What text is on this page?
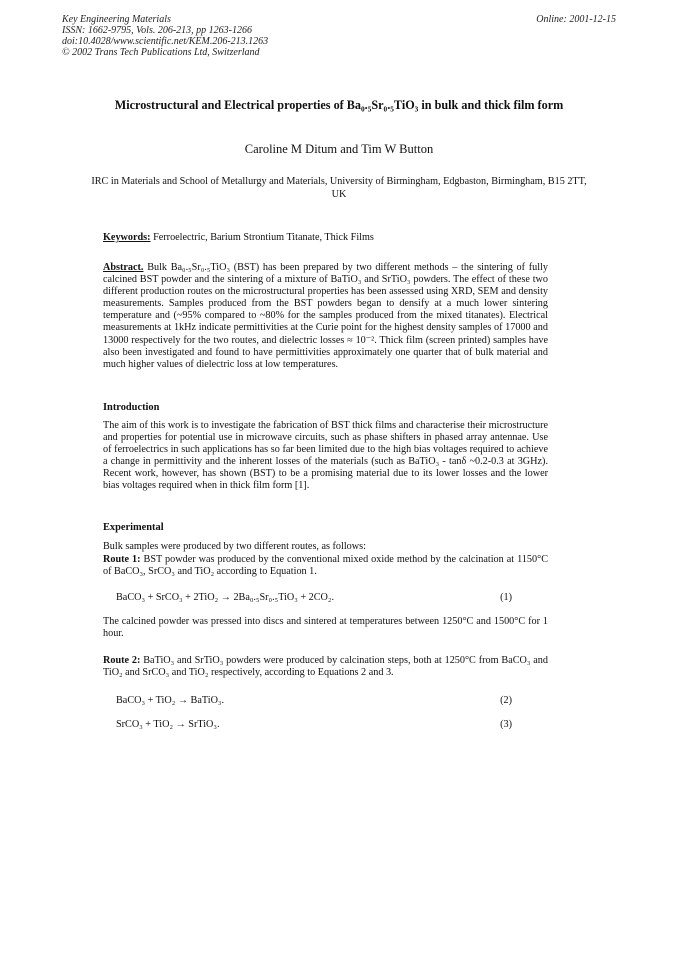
Key Engineering Materials
ISSN: 1662-9795, Vols. 206-213, pp 1263-1266
doi:10.4028/www.scientific.net/KEM.206-213.1263
© 2002 Trans Tech Publications Ltd, Switzerland
Online: 2001-12-15
Microstructural and Electrical properties of Ba₀.₅Sr₀.₅TiO₃ in bulk and thick film form
Caroline M Ditum and Tim W Button
IRC in Materials and School of Metallurgy and Materials, University of Birmingham, Edgbaston, Birmingham, B15 2TT, UK
Keywords: Ferroelectric, Barium Strontium Titanate, Thick Films
Abstract. Bulk Ba₀.₅Sr₀.₅TiO₃ (BST) has been prepared by two different methods – the sintering of fully calcined BST powder and the sintering of a mixture of BaTiO₃ and SrTiO₃ powders. The effect of these two different production routes on the microstructural properties has been assessed using XRD, SEM and density measurements. Samples produced from the BST powders began to densify at a much lower sintering temperature and (~95% compared to ~80% for the samples produced from the mixed titanates). Electrical measurements at 1kHz indicate permittivities at the Curie point for the highest density samples of 17000 and 13000 respectively for the two routes, and dielectric losses ≈ 10⁻². Thick film (screen printed) samples have also been investigated and found to have permittivities approximately one quarter that of bulk material and much higher values of dielectric loss at low temperatures.
Introduction
The aim of this work is to investigate the fabrication of BST thick films and characterise their microstructure and properties for potential use in microwave circuits, such as phase shifters in phased array antennae. Use of ferroelectrics in such applications has so far been limited due to the high bias voltages required to achieve a change in permittivity and the inherent losses of the materials (such as BaTiO₃ - tanδ ~0.2-0.3 at 3GHz). Recent work, however, has shown (BST) to be a promising material due to its lower losses and the lower bias voltages required when in thick film form [1].
Experimental
Bulk samples were produced by two different routes, as follows:
Route 1: BST powder was produced by the conventional mixed oxide method by the calcination at 1150°C of BaCO₃, SrCO₃ and TiO₂ according to Equation 1.
BaCO₃ + SrCO₃ + 2TiO₂ → 2Ba₀.₅Sr₀.₅TiO₃ + 2CO₂.	(1)
The calcined powder was pressed into discs and sintered at temperatures between 1250°C and 1500°C for 1 hour.
Route 2: BaTiO₃ and SrTiO₃ powders were produced by calcination steps, both at 1250°C from BaCO₃ and TiO₂ and SrCO₃ and TiO₂ respectively, according to Equations 2 and 3.
BaCO₃ + TiO₂ → BaTiO₃.	(2)
SrCO₃ + TiO₂ → SrTiO₃.	(3)
